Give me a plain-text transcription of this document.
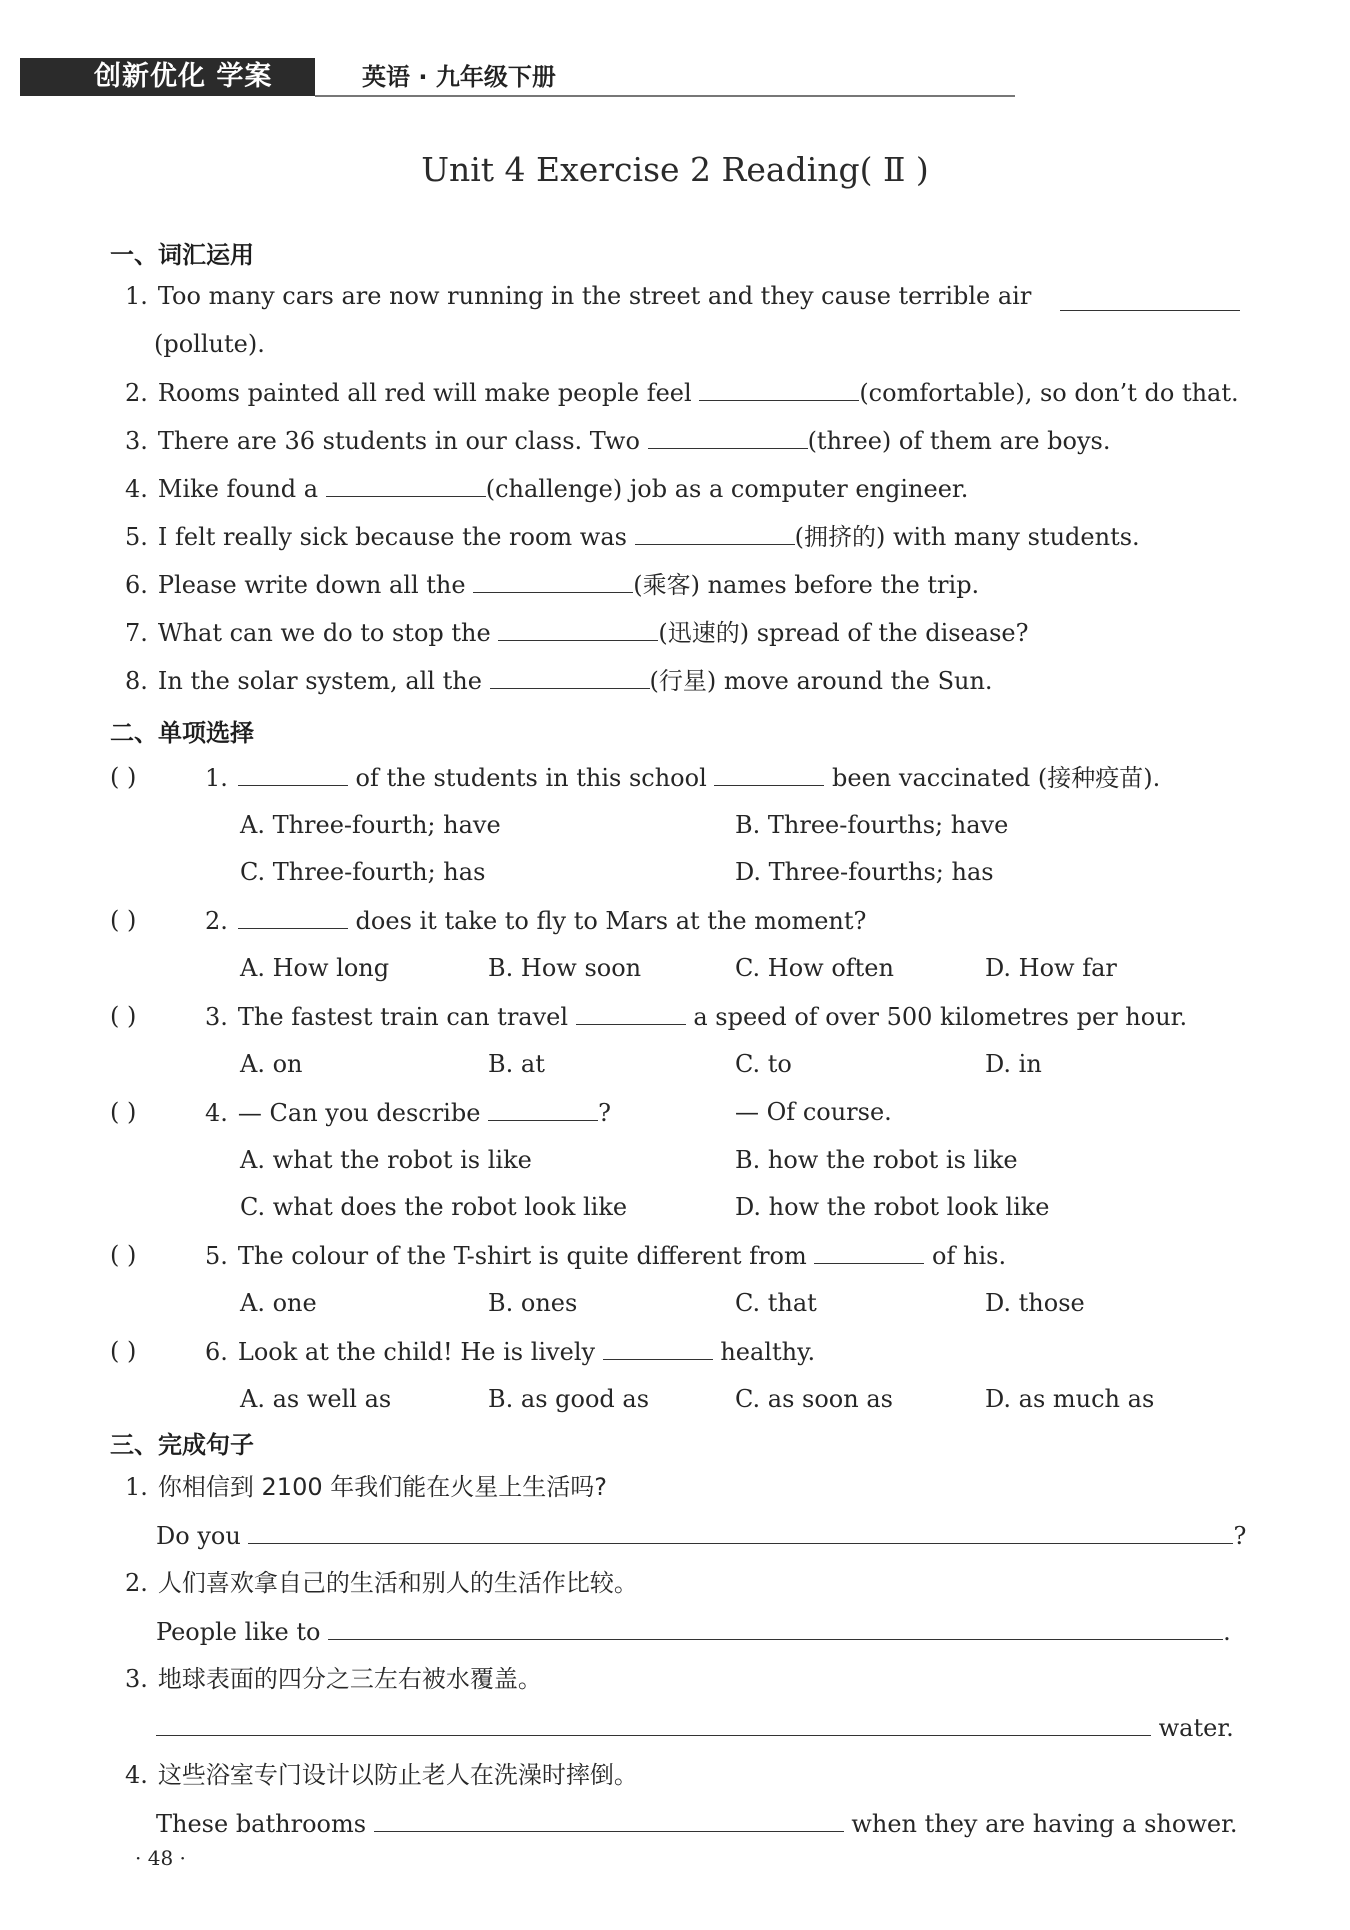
创新优化 学案	英语 · 九年级下册
Unit 4 Exercise 2 Reading( Ⅱ )
一、词汇运用
1. Too many cars are now running in the street and they cause terrible air
(pollute).
2. Rooms painted all red will make people feel	(comfortable), so don’t do that.
3. There are 36 students in our class. Two	(three) of them are boys.
4. Mike found a	(challenge) job as a computer engineer.
5. I felt really sick because the room was	(拥挤的) with many students.
6. Please write down all the	(乘客) names before the trip.
7. What can we do to stop the	(迅速的) spread of the disease?
8. In the solar system, all the	(行星) move around the Sun.
二、单项选择
( )	1.	of the students in this school	been vaccinated (接种疫苗).
A. Three-fourth; have	B. Three-fourths; have
C. Three-fourth; has	D. Three-fourths; has
( )	2.	does it take to fly to Mars at the moment?
A. How long	B. How soon	C. How often	D. How far
( )	3. The fastest train can travel	a speed of over 500 kilometres per hour.
A. on	B. at	C. to	D. in
( )	4. — Can you describe	?	— Of course.
A. what the robot is like	B. how the robot is like
C. what does the robot look like	D. how the robot look like
( )	5. The colour of the T-shirt is quite different from	of his.
A. one	B. ones	C. that	D. those
( )	6. Look at the child! He is lively	healthy.
A. as well as	B. as good as	C. as soon as	D. as much as
三、完成句子
1. 你相信到 2100 年我们能在火星上生活吗?
Do you	?
2. 人们喜欢拿自己的生活和别人的生活作比较。
People like to	.
3. 地球表面的四分之三左右被水覆盖。
water.
4. 这些浴室专门设计以防止老人在洗澡时摔倒。
These bathrooms	when they are having a shower.
· 48 ·
